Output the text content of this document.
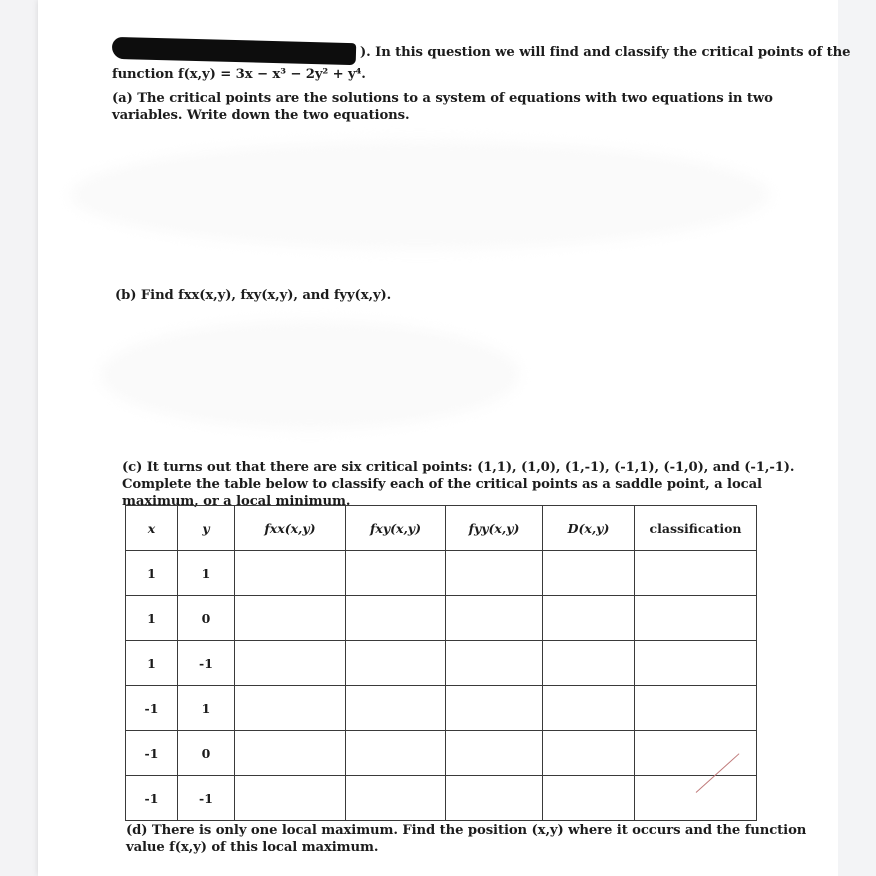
). In this question we will find and classify the critical points of the
function f(x,y) = 3x − x³ − 2y² + y⁴.
(a) The critical points are the solutions to a system of equations with two equations in two variables. Write down the two equations.
(b) Find fxx(x,y), fxy(x,y), and fyy(x,y).
(c) It turns out that there are six critical points: (1,1), (1,0), (1,-1), (-1,1), (-1,0), and (-1,-1). Complete the table below to classify each of the critical points as a saddle point, a local maximum, or a local minimum.
x	y	fxx(x,y)	fxy(x,y)	fyy(x,y)	D(x,y)	classification
1	1					
1	0					
1	-1					
-1	1					
-1	0					
-1	-1					
(d) There is only one local maximum. Find the position (x,y) where it occurs and the function value f(x,y) of this local maximum.
